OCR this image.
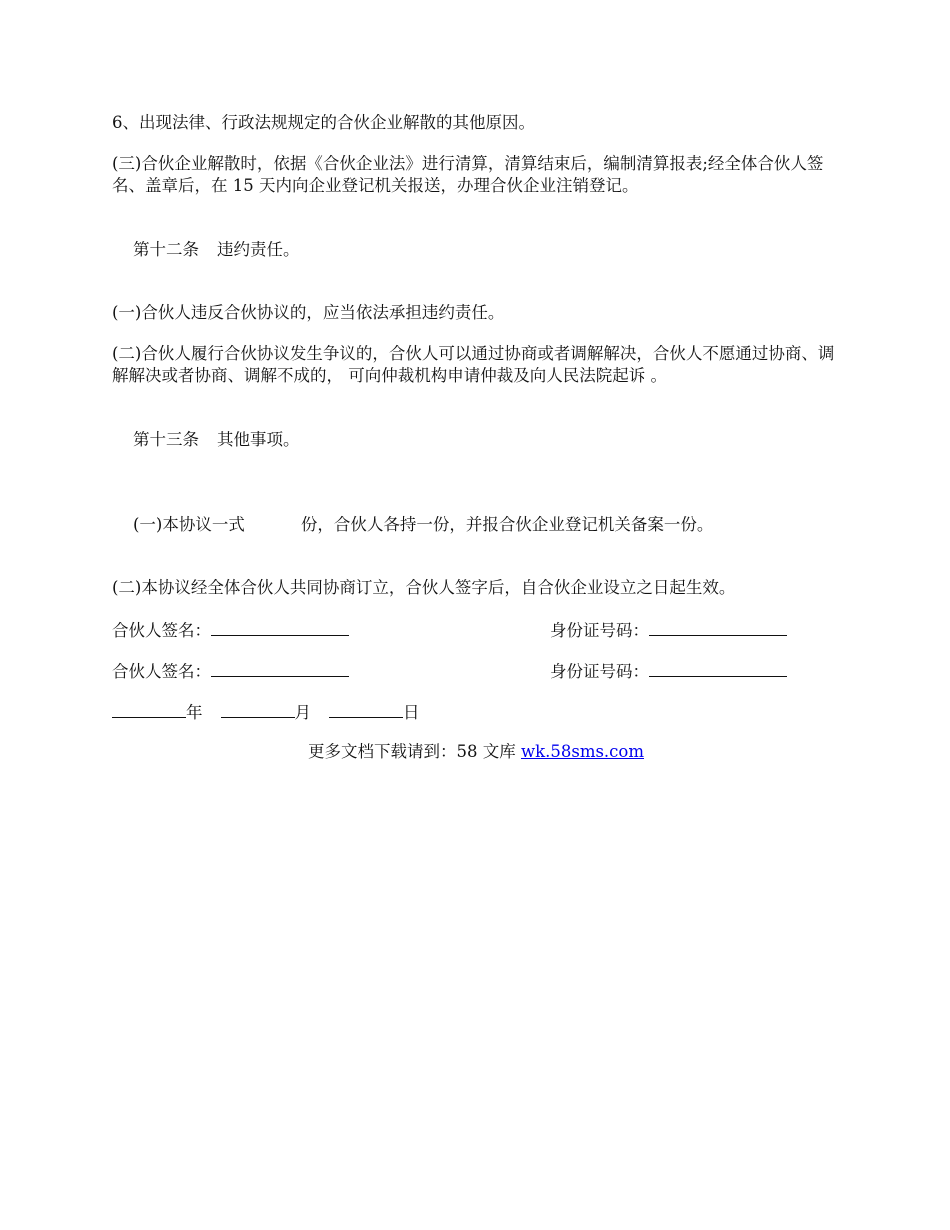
6、出现法律、行政法规规定的合伙企业解散的其他原因。

(三)合伙企业解散时，依据《合伙企业法》进行清算，清算结束后，编制清算报表;经全体合伙人签名、盖章后，在 15 天内向企业登记机关报送，办理合伙企业注销登记。

第十二条 违约责任。

(一)合伙人违反合伙协议的，应当依法承担违约责任。

(二)合伙人履行合伙协议发生争议的，合伙人可以通过协商或者调解解决，合伙人不愿通过协商、调解解决或者协商、调解不成的， 可向仲裁机构申请仲裁及向人民法院起诉 。

第十三条 其他事项。

(一)本协议一式	份，合伙人各持一份，并报合伙企业登记机关备案一份。

(二)本协议经全体合伙人共同协商订立，合伙人签字后，自合伙企业设立之日起生效。

合伙人签名：	身份证号码：
合伙人签名：	身份证号码：
年	月	日
更多文档下载请到：58 文库 wk.58sms.com
